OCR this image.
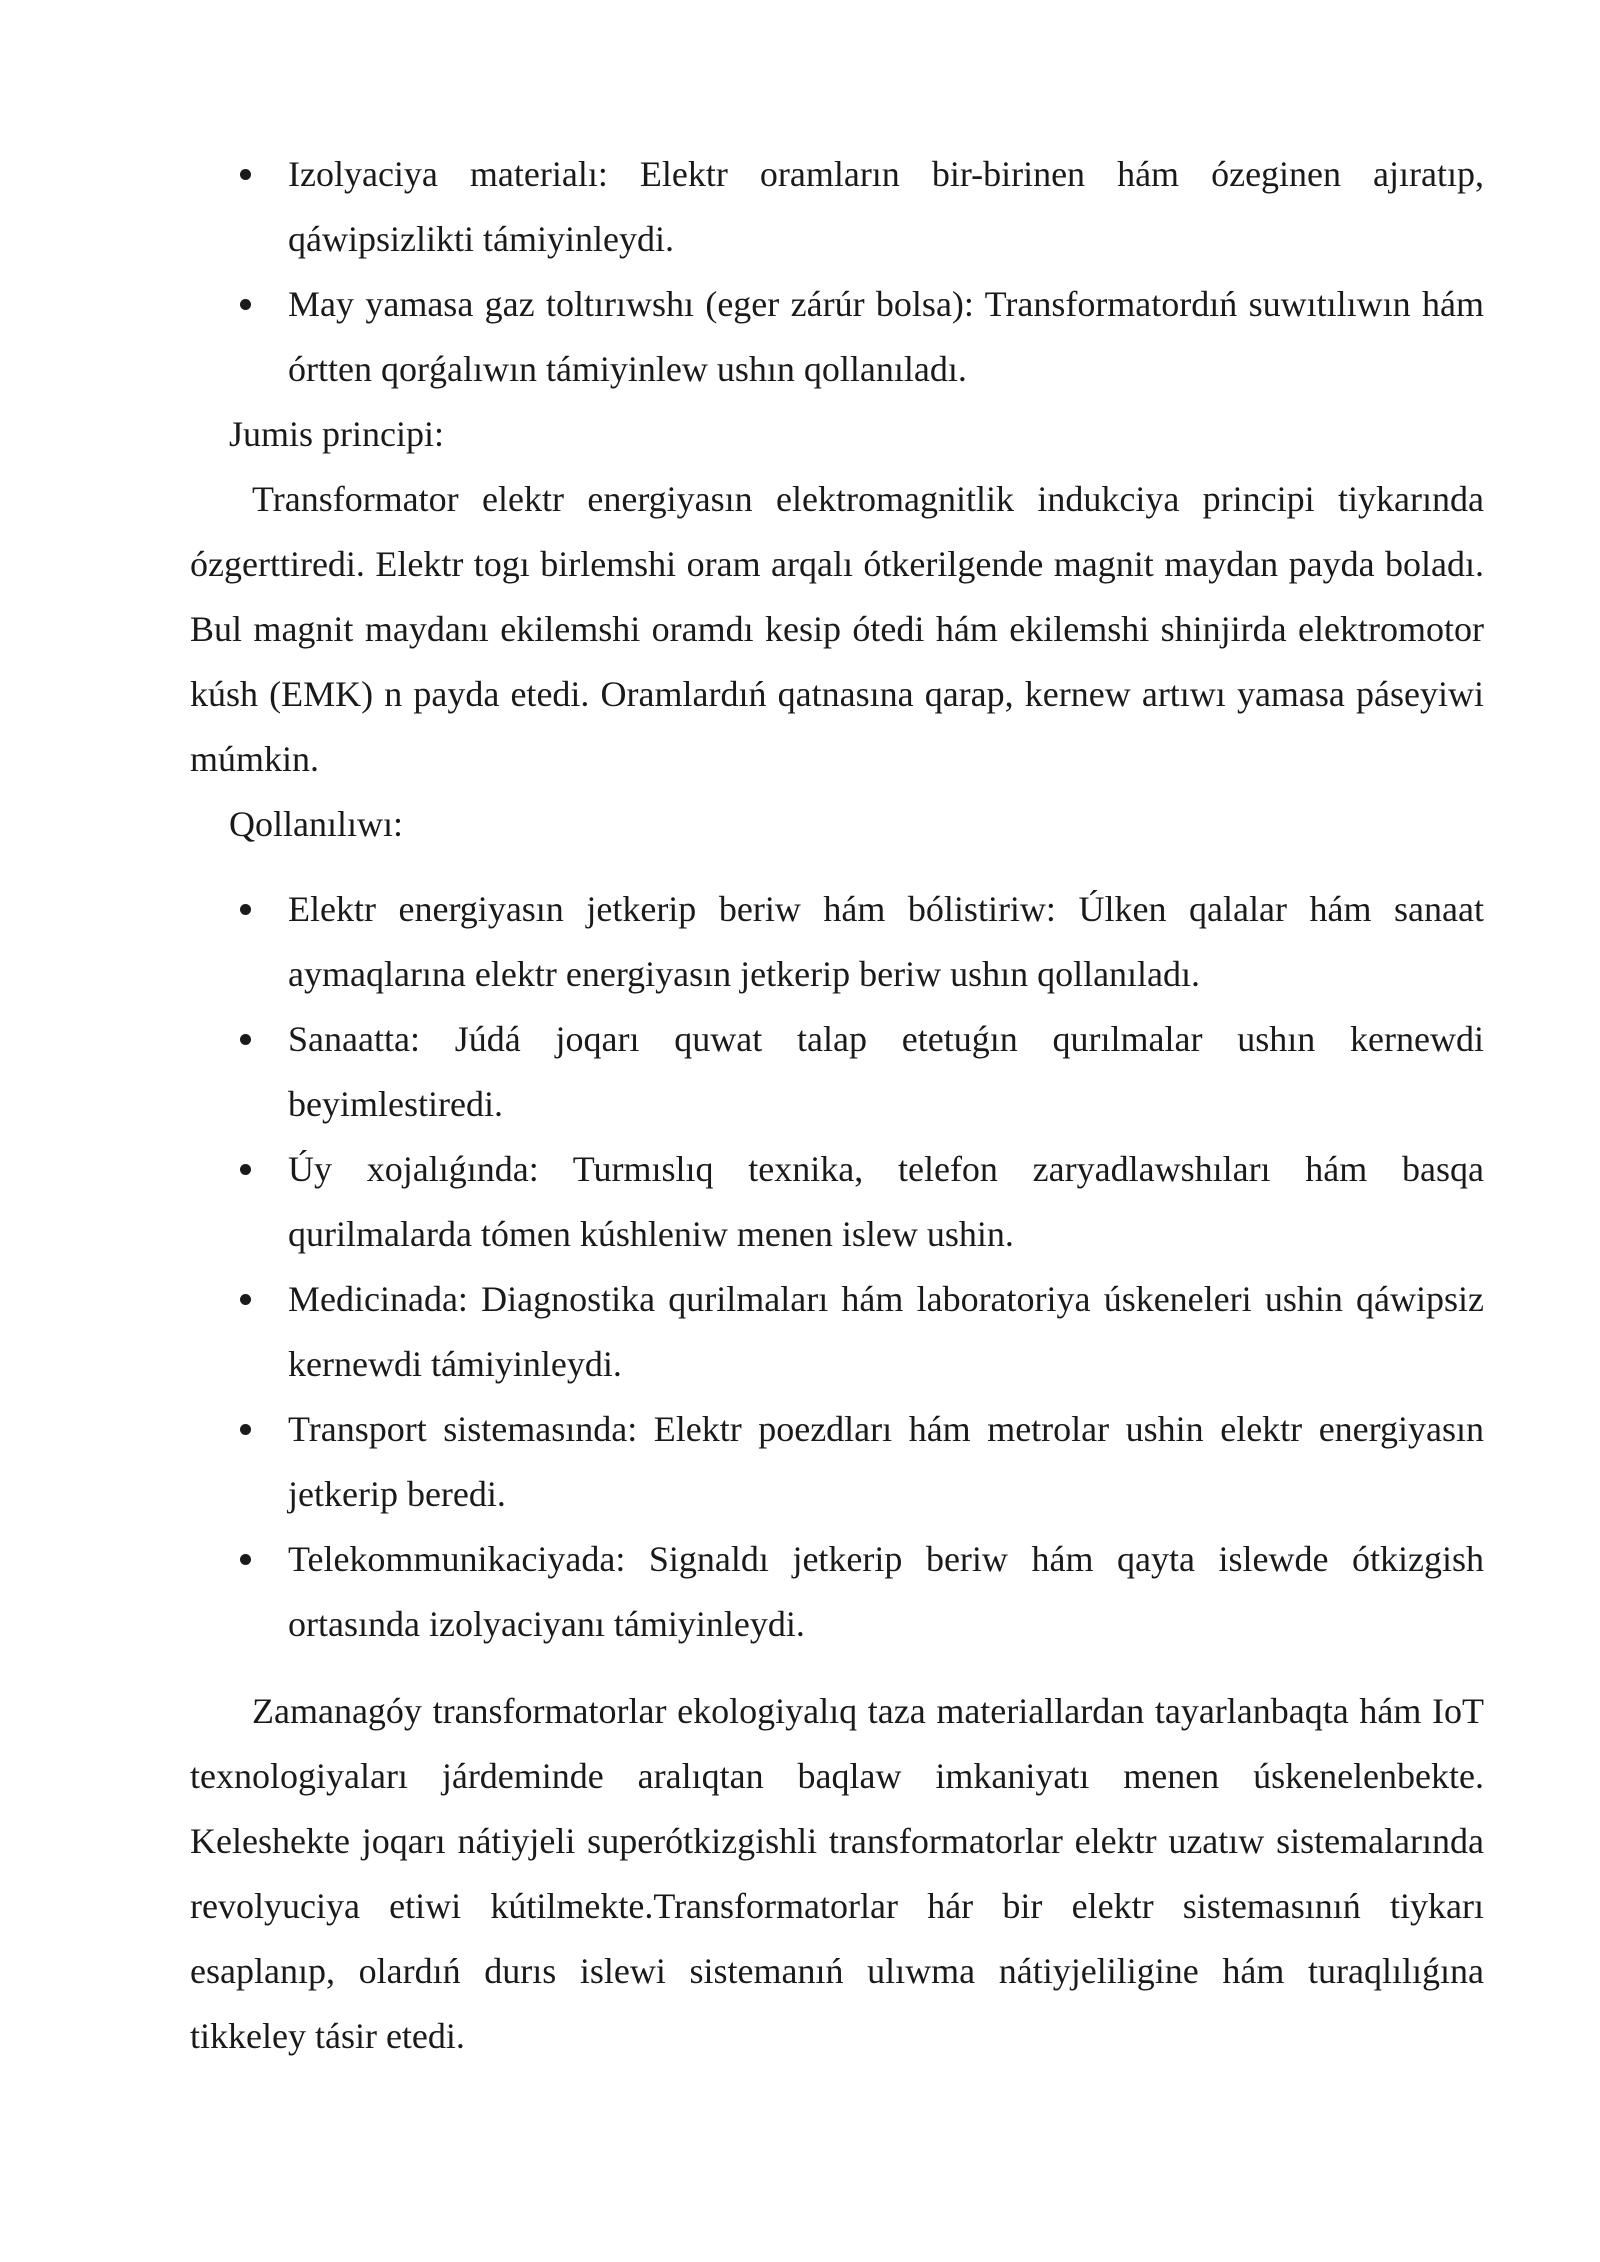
Izolyaciya materialı: Elektr oramların bir-birinen hám ózeginen ajıratıp, qáwipsizlikti támiyinleydi.
May yamasa gaz toltırıwshı (eger zárúr bolsa): Transformatordıń suwıtılıwın hám órtten qorǵalıwın támiyinlew ushın qollanıladı.

Jumis principi:

Transformator elektr energiyasın elektromagnitlik indukciya principi tiykarında ózgerttiredi. Elektr togı birlemshi oram arqalı ótkerilgende magnit maydan payda boladı. Bul magnit maydanı ekilemshi oramdı kesip ótedi hám ekilemshi shinjirda elektromotor kúsh (EMK) n payda etedi. Oramlardıń qatnasına qarap, kernew artıwı yamasa páseyiwi múmkin.

Qollanılıwı:

Elektr energiyasın jetkerip beriw hám bólistiriw: Úlken qalalar hám sanaat aymaqlarına elektr energiyasın jetkerip beriw ushın qollanıladı.
Sanaatta: Júdá joqarı quwat talap etetuǵın qurılmalar ushın kernewdi beyimlestiredi.
Úy xojalıǵında: Turmıslıq texnika, telefon zaryadlawshıları hám basqa qurilmalarda tómen kúshleniw menen islew ushin.
Medicinada: Diagnostika qurilmaları hám laboratoriya úskeneleri ushin qáwipsiz kernewdi támiyinleydi.
Transport sistemasında: Elektr poezdları hám metrolar ushin elektr energiyasın jetkerip beredi.
Telekommunikaciyada: Signaldı jetkerip beriw hám qayta islewde ótkizgish ortasında izolyaciyanı támiyinleydi.

Zamanagóy transformatorlar ekologiyalıq taza materiallardan tayarlanbaqta hám IoT texnologiyaları járdeminde aralıqtan baqlaw imkaniyatı menen úskenelenbekte. Keleshekte joqarı nátiyjeli superótkizgishli transformatorlar elektr uzatıw sistemalarında revolyuciya etiwi kútilmekte.Transformatorlar hár bir elektr sistemasınıń tiykarı esaplanıp, olardıń durıs islewi sistemanıń ulıwma nátiyjeliligine hám turaqlılıǵına tikkeley tásir etedi.
